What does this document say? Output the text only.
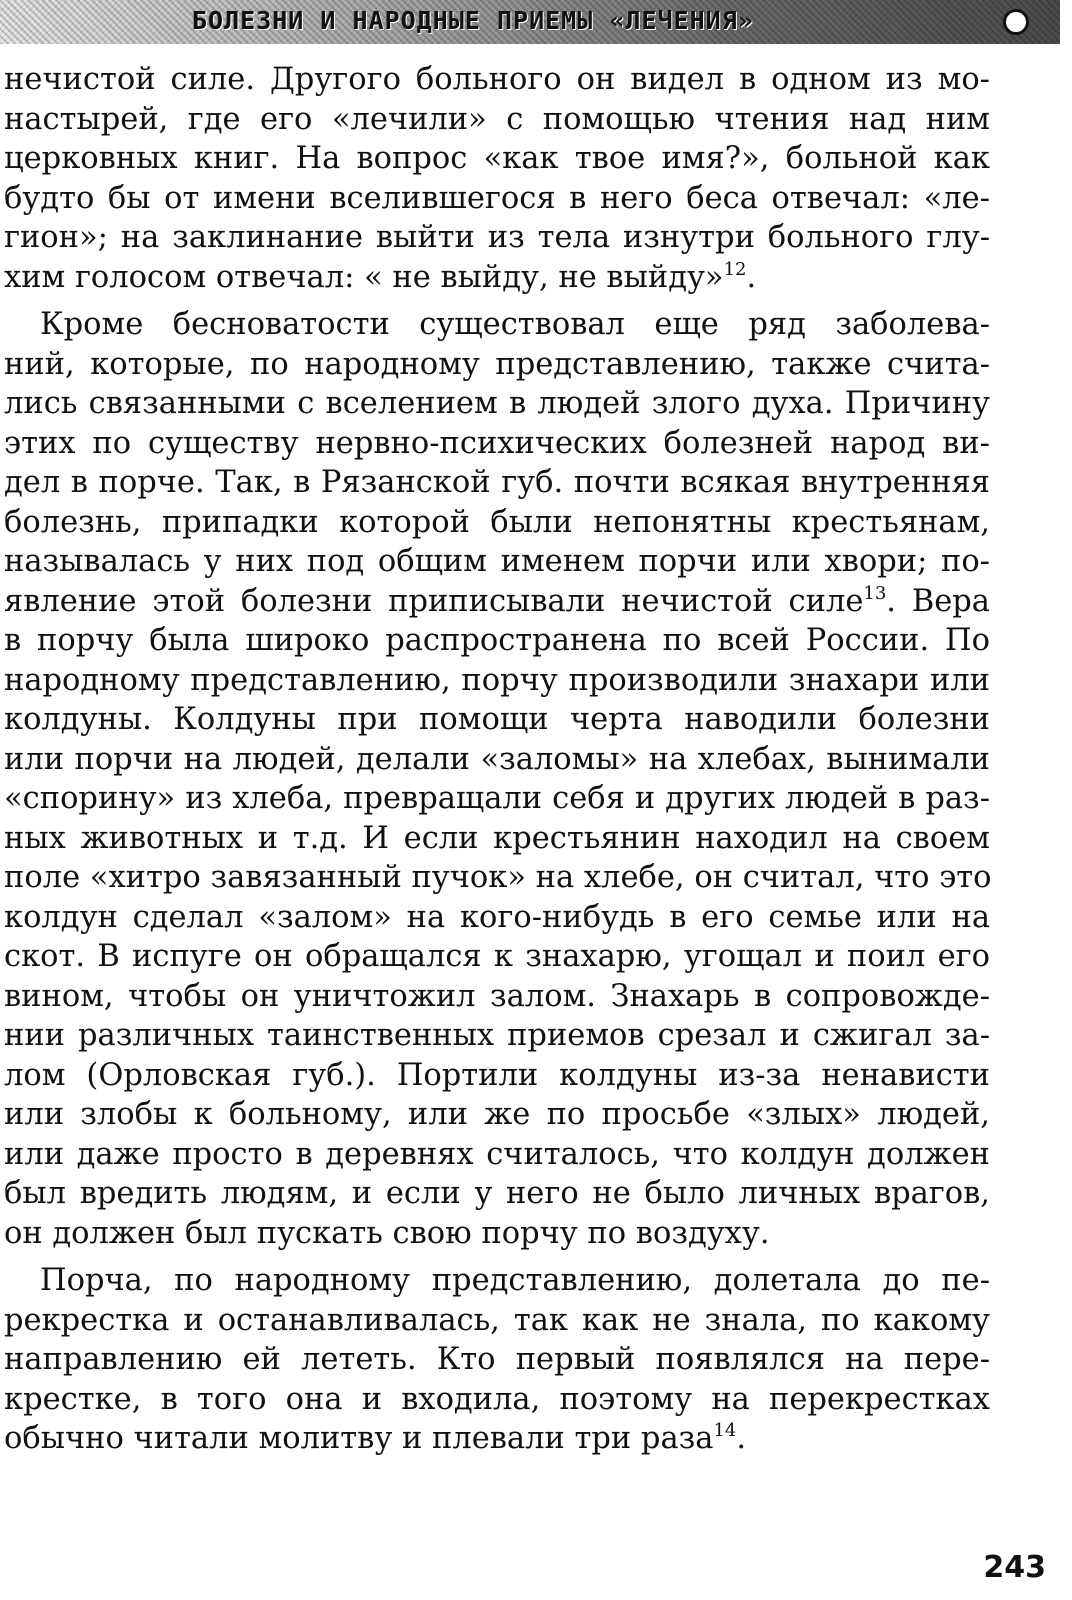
БОЛЕЗНИ И НАРОДНЫЕ ПРИЕМЫ «ЛЕЧЕНИЯ»
нечистой силе. Другого больного он видел в одном из мо-
настырей, где его «лечили» с помощью чтения над ним
церковных книг. На вопрос «как твое имя?», больной как
будто бы от имени вселившегося в него беса отвечал: «ле-
гион»; на заклинание выйти из тела изнутри больного глу-
хим голосом отвечал: « не выйду, не выйду»$^{12}$.
Кроме бесноватости существовал еще ряд заболева-
ний, которые, по народному представлению, также счита-
лись связанными с вселением в людей злого духа. Причину
этих по существу нервно-психических болезней народ ви-
дел в порче. Так, в Рязанской губ. почти всякая внутренняя
болезнь, припадки которой были непонятны крестьянам,
называлась у них под общим именем порчи или хвори; по-
явление этой болезни приписывали нечистой силе$^{13}$. Вера
в порчу была широко распространена по всей России. По
народному представлению, порчу производили знахари или
колдуны. Колдуны при помощи черта наводили болезни
или порчи на людей, делали «заломы» на хлебах, вынимали
«спорину» из хлеба, превращали себя и других людей в раз-
ных животных и т.д. И если крестьянин находил на своем
поле «хитро завязанный пучок» на хлебе, он считал, что это
колдун сделал «залом» на кого-нибудь в его семье или на
скот. В испуге он обращался к знахарю, угощал и поил его
вином, чтобы он уничтожил залом. Знахарь в сопровожде-
нии различных таинственных приемов срезал и сжигал за-
лом (Орловская губ.). Портили колдуны из-за ненависти
или злобы к больному, или же по просьбе «злых» людей,
или даже просто в деревнях считалось, что колдун должен
был вредить людям, и если у него не было личных врагов,
он должен был пускать свою порчу по воздуху.
Порча, по народному представлению, долетала до пе-
рекрестка и останавливалась, так как не знала, по какому
направлению ей лететь. Кто первый появлялся на пере-
крестке, в того она и входила, поэтому на перекрестках
обычно читали молитву и плевали три раза$^{14}$.
243
